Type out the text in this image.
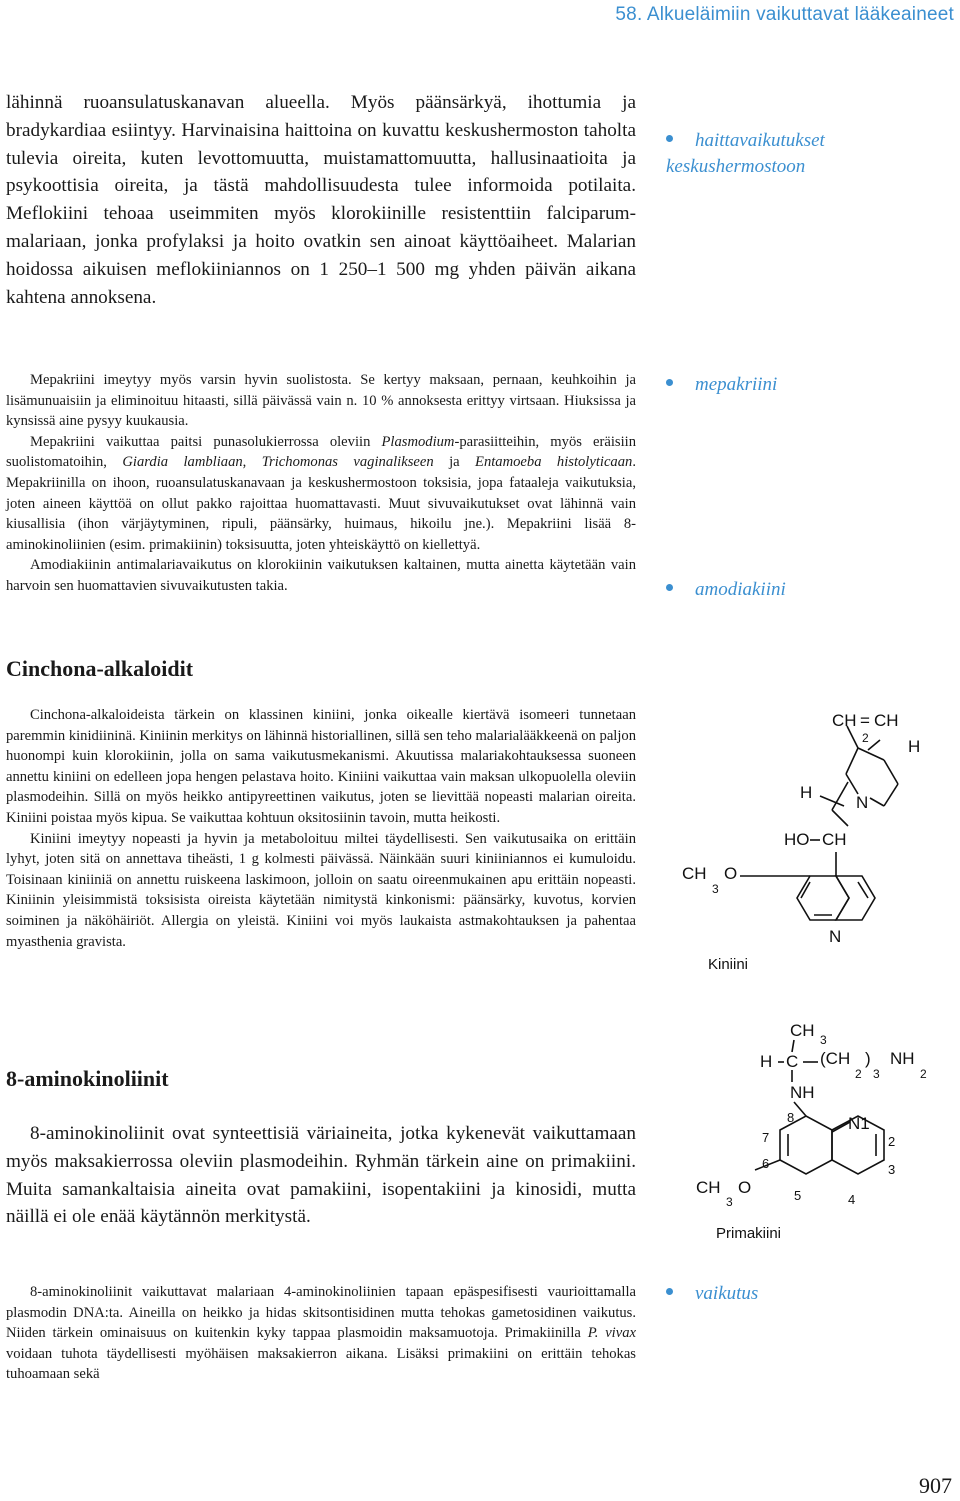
58. Alkueläimiin vaikuttavat lääkeaineet

lähinnä ruoansulatuskanavan alueella. Myös päänsärkyä, ihottumia ja bradykardiaa esiintyy. Harvinaisina haittoina on kuvattu keskushermoston taholta tulevia oireita, kuten levottomuutta, muistamattomuutta, hallusinaatioita ja psykoottisia oireita, ja tästä mahdollisuudesta tulee informoida potilaita. Meflokiini tehoaa useimmiten myös klorokiinille resistenttiin falciparum-malariaan, jonka profylaksi ja hoito ovatkin sen ainoat käyttöaiheet. Malarian hoidossa aikuisen meflokiiniannos on 1 250–1 500 mg yhden päivän aikana kahtena annoksena.

haittavaikutukset
keskushermostoon

Mepakriini imeytyy myös varsin hyvin suolistosta. Se kertyy maksaan, pernaan, keuhkoihin ja lisämunuaisiin ja eliminoituu hitaasti, sillä päivässä vain n. 10 % annoksesta erittyy virtsaan. Hiuksissa ja kynsissä aine pysyy kuukausia.

Mepakriini vaikuttaa paitsi punasolukierrossa oleviin Plasmodium-parasiitteihin, myös eräisiin suolistomatoihin, Giardia lambliaan, Trichomonas vaginalikseen ja Entamoeba histolyticaan. Mepakriinilla on ihoon, ruoansulatuskanavaan ja keskushermostoon toksisia, jopa fataaleja vaikutuksia, joten aineen käyttöä on ollut pakko rajoittaa huomattavasti. Muut sivuvaikutukset ovat lähinnä vain kiusallisia (ihon värjäytyminen, ripuli, päänsärky, huimaus, hikoilu jne.). Mepakriini lisää 8-aminokinoliinien (esim. primakiinin) toksisuutta, joten yhteiskäyttö on kiellettyä.

Amodiakiinin antimalariavaikutus on klorokiinin vaikutuksen kaltainen, mutta ainetta käytetään vain harvoin sen huomattavien sivuvaikutusten takia.

mepakriini
amodiakiini
Cinchona-alkaloidit

Cinchona-alkaloideista tärkein on klassinen kiniini, jonka oikealle kiertävä isomeeri tunnetaan paremmin kinidiininä. Kiniinin merkitys on lähinnä historiallinen, sillä sen teho malarialääkkeenä on paljon huonompi kuin klorokiinin, jolla on sama vaikutusmekanismi. Akuutissa malariakohtauksessa suoneen annettu kiniini on edelleen jopa hengen pelastava hoito. Kiniini vaikuttaa vain maksan ulkopuolella oleviin plasmodeihin. Sillä on myös heikko antipyreettinen vaikutus, joten se lievittää nopeasti malarian oireita. Kiniini poistaa myös kipua. Se vaikuttaa kohtuun oksitosiinin tavoin, mutta heikosti.

Kiniini imeytyy nopeasti ja hyvin ja metaboloituu miltei täydellisesti. Sen vaikutusaika on erittäin lyhyt, joten sitä on annettava tiheästi, 1 g kolmesti päivässä. Näinkään suuri kiniiniannos ei kumuloidu. Toisinaan kiniiniä on annettu ruiskeena laskimoon, jolloin on saatu oireenmukainen apu erittäin nopeasti. Kiniinin yleisimmistä toksisista oireista käytetään nimitystä kinkonismi: päänsärky, kuvotus, korvien soiminen ja näköhäiriöt. Allergia on yleistä. Kiniini voi myös laukaista astmakohtauksen ja pahentaa myasthenia gravista.

CH = CH
2 H
H
N
HO CH
CH
3
O
N
Kiniini
8-aminokinoliinit

8-aminokinoliinit ovat synteettisiä väriaineita, jotka kykenevät vaikuttamaan myös maksakierrossa oleviin plasmodeihin. Ryhmän tärkein aine on primakiini. Muita samankaltaisia aineita ovat pamakiini, isopentakiini ja kinosidi, mutta näillä ei ole enää käytännön merkitystä.

8-aminokinoliinit vaikuttavat malariaan 4-aminokinoliinien tapaan epäspesifisesti vaurioittamalla plasmodin DNA:ta. Aineilla on heikko ja hidas skitsontisidinen mutta tehokas gametosidinen vaikutus. Niiden tärkein ominaisuus on kuitenkin kyky tappaa plasmoidin maksamuotoja. Primakiinilla P. vivax voidaan tuhota täydellisesti myöhäisen maksakierron aikana. Lisäksi primakiini on erittäin tehokas tuhoamaan sekä

vaikutus
CH 3
H C (CH
2
)
3
NH
2
NH
8	N1
2
3
4
5
6
7
CH
3
O
Primakiini
907
